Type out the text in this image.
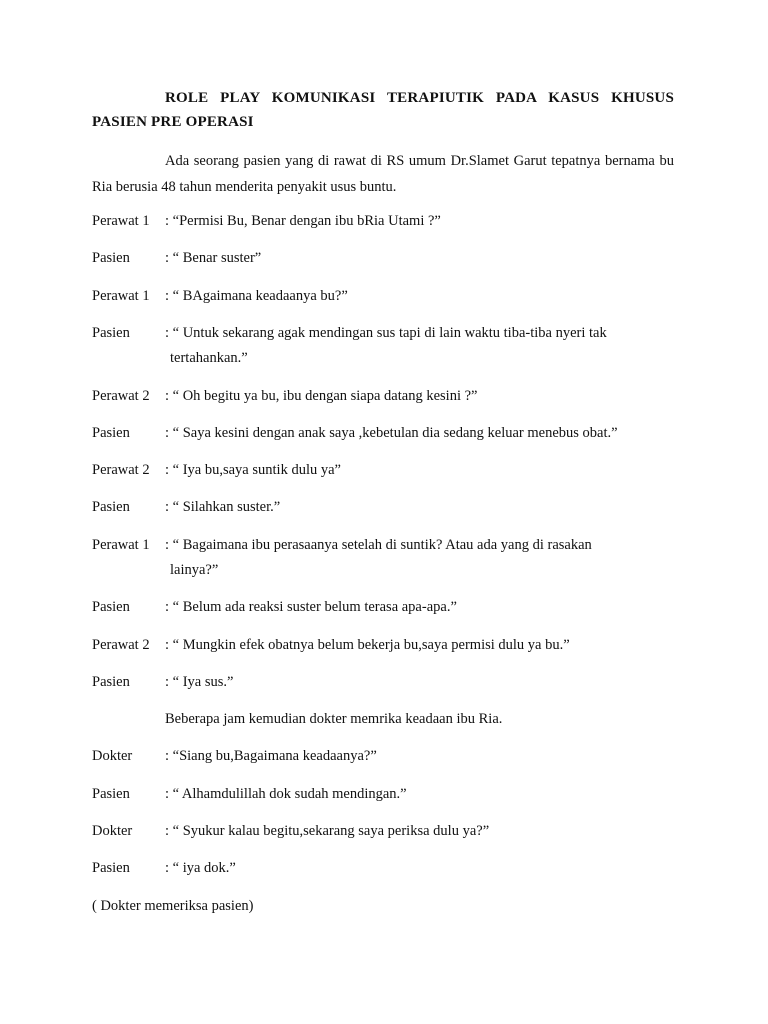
ROLE PLAY KOMUNIKASI TERAPIUTIK PADA KASUS KHUSUS PASIEN PRE OPERASI
Ada seorang pasien yang di rawat di RS umum Dr.Slamet Garut tepatnya bernama bu Ria berusia 48 tahun menderita penyakit usus buntu.
Perawat 1 : “Permisi Bu, Benar dengan ibu bRia Utami ?”
Pasien : “ Benar suster”
Perawat 1 : “ BAgaimana keadaanya bu?”
Pasien : “ Untuk sekarang agak mendingan sus tapi di lain waktu tiba-tiba nyeri tak
tertahankan.”
Perawat 2 : “ Oh begitu ya bu, ibu dengan siapa datang kesini ?”
Pasien : “ Saya kesini dengan anak saya ,kebetulan dia sedang keluar menebus obat.”
Perawat 2 : “ Iya bu,saya suntik dulu ya”
Pasien : “ Silahkan suster.”
Perawat 1 : “ Bagaimana ibu perasaanya setelah di suntik? Atau ada yang di rasakan
lainya?”
Pasien : “ Belum ada reaksi suster belum terasa apa-apa.”
Perawat 2 : “ Mungkin efek obatnya belum bekerja bu,saya permisi dulu ya bu.”
Pasien : “ Iya sus.”
Beberapa jam kemudian dokter memrika keadaan ibu Ria.
Dokter : “Siang bu,Bagaimana keadaanya?”
Pasien : “ Alhamdulillah dok sudah mendingan.”
Dokter : “ Syukur kalau begitu,sekarang saya periksa dulu ya?”
Pasien : “ iya dok.”
( Dokter memeriksa pasien)
